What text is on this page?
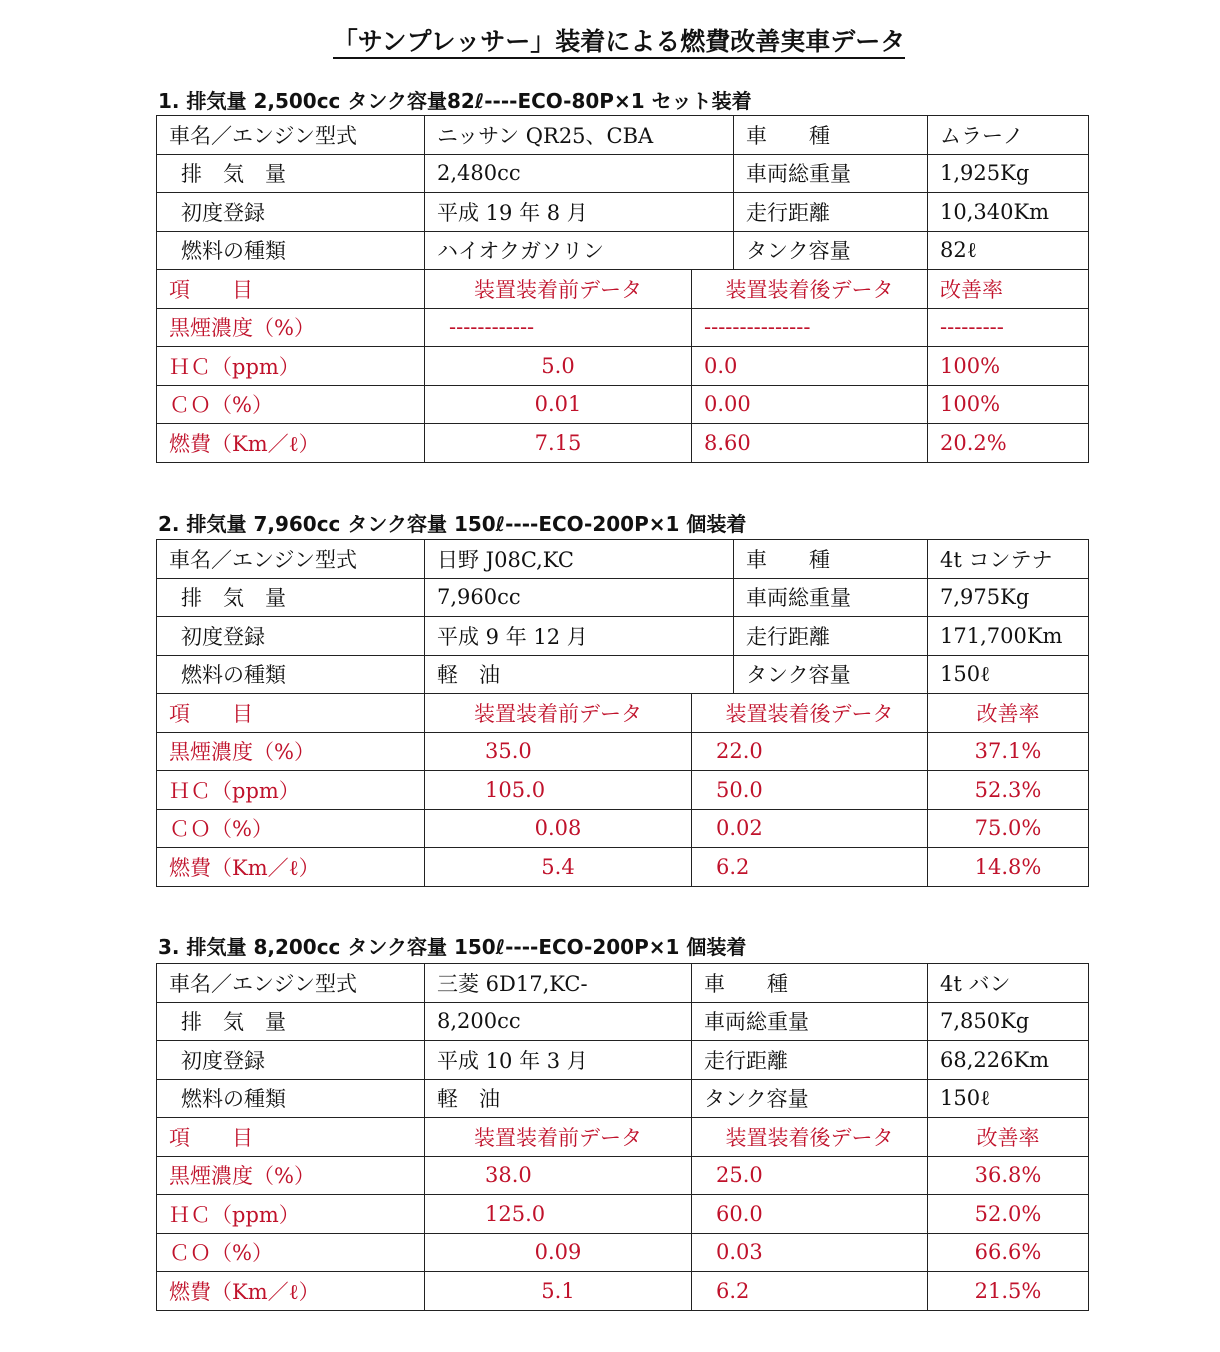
「サンプレッサー」装着による燃費改善実車データ
1. 排気量 2,500cc タンク容量82ℓ----ECO-80P×1 セット装着
車名／エンジン型式	ニッサン QR25、CBA		車　　種	ムラーノ
排　気　量	2,480cc		車両総重量	1,925Kg
初度登録	平成 19 年 8 月		走行距離	10,340Km
燃料の種類	ハイオクガソリン		タンク容量	82ℓ
項　　目	装置装着前データ	装置装着後データ		改善率
黒煙濃度（%）	------------	---------------		---------
ＨＣ（ppm）	5.0	0.0		100%
ＣＯ（%）	0.01	0.00		100%
燃費（Km／ℓ）	7.15	8.60		20.2%
2. 排気量 7,960cc タンク容量 150ℓ----ECO-200P×1 個装着
車名／エンジン型式	日野 J08C,KC		車　　種	4t コンテナ
排　気　量	7,960cc		車両総重量	7,975Kg
初度登録	平成 9 年 12 月		走行距離	171,700Km
燃料の種類	軽　油		タンク容量	150ℓ
項　　目	装置装着前データ	装置装着後データ		改善率
黒煙濃度（%）	35.0	22.0		37.1%
ＨＣ（ppm）	105.0	50.0		52.3%
ＣＯ（%）	0.08	0.02		75.0%
燃費（Km／ℓ）	5.4	6.2		14.8%
3. 排気量 8,200cc タンク容量 150ℓ----ECO-200P×1 個装着
車名／エンジン型式	三菱 6D17,KC-	車　　種	4t バン
排　気　量	8,200cc	車両総重量	7,850Kg
初度登録	平成 10 年 3 月	走行距離	68,226Km
燃料の種類	軽　油	タンク容量	150ℓ
項　　目	装置装着前データ	装置装着後データ	改善率
黒煙濃度（%）	38.0	25.0	36.8%
ＨＣ（ppm）	125.0	60.0	52.0%
ＣＯ（%）	0.09	0.03	66.6%
燃費（Km／ℓ）	5.1	6.2	21.5%
